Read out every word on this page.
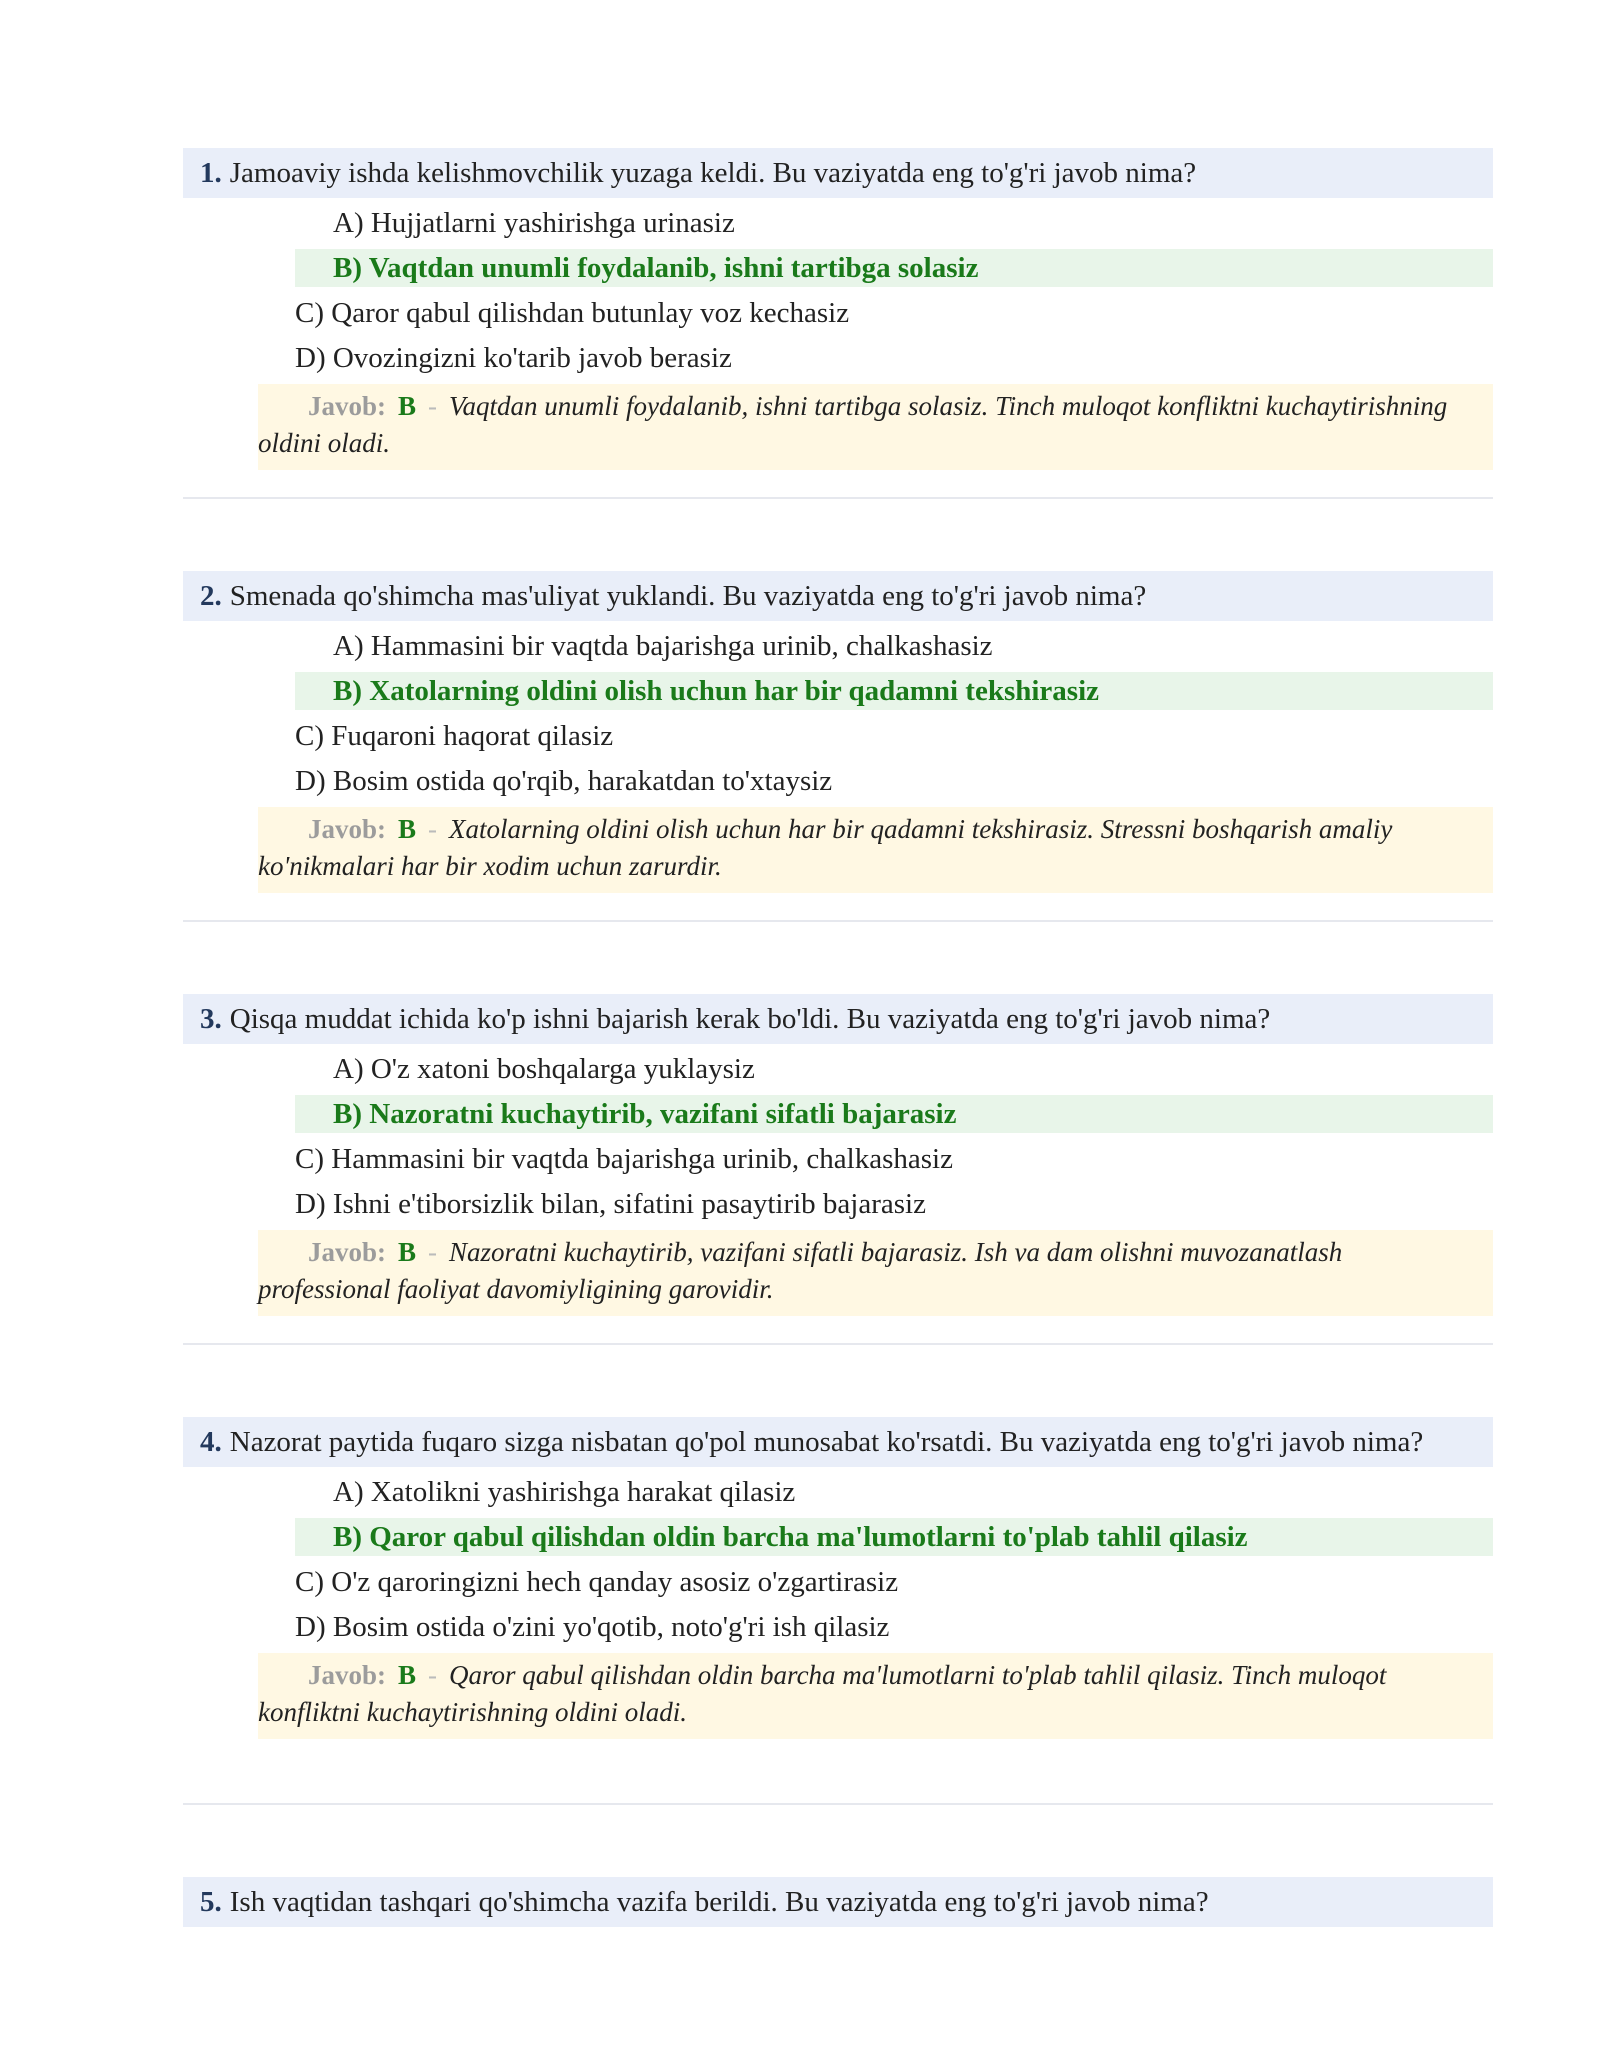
1. Jamoaviy ishda kelishmovchilik yuzaga keldi. Bu vaziyatda eng to'g'ri javob nima?
A) Hujjatlarni yashirishga urinasiz
B) Vaqtdan unumli foydalanib, ishni tartibga solasiz
C) Qaror qabul qilishdan butunlay voz kechasiz
D) Ovozingizni ko'tarib javob berasiz
Javob: B - Vaqtdan unumli foydalanib, ishni tartibga solasiz. Tinch muloqot konfliktni kuchaytirishning oldini oladi.
2. Smenada qo'shimcha mas'uliyat yuklandi. Bu vaziyatda eng to'g'ri javob nima?
A) Hammasini bir vaqtda bajarishga urinib, chalkashasiz
B) Xatolarning oldini olish uchun har bir qadamni tekshirasiz
C) Fuqaroni haqorat qilasiz
D) Bosim ostida qo'rqib, harakatdan to'xtaysiz
Javob: B - Xatolarning oldini olish uchun har bir qadamni tekshirasiz. Stressni boshqarish amaliy ko'nikmalari har bir xodim uchun zarurdir.
3. Qisqa muddat ichida ko'p ishni bajarish kerak bo'ldi. Bu vaziyatda eng to'g'ri javob nima?
A) O'z xatoni boshqalarga yuklaysiz
B) Nazoratni kuchaytirib, vazifani sifatli bajarasiz
C) Hammasini bir vaqtda bajarishga urinib, chalkashasiz
D) Ishni e'tiborsizlik bilan, sifatini pasaytirib bajarasiz
Javob: B - Nazoratni kuchaytirib, vazifani sifatli bajarasiz. Ish va dam olishni muvozanatlash professional faoliyat davomiyligining garovidir.
4. Nazorat paytida fuqaro sizga nisbatan qo'pol munosabat ko'rsatdi. Bu vaziyatda eng to'g'ri javob nima?
A) Xatolikni yashirishga harakat qilasiz
B) Qaror qabul qilishdan oldin barcha ma'lumotlarni to'plab tahlil qilasiz
C) O'z qaroringizni hech qanday asosiz o'zgartirasiz
D) Bosim ostida o'zini yo'qotib, noto'g'ri ish qilasiz
Javob: B - Qaror qabul qilishdan oldin barcha ma'lumotlarni to'plab tahlil qilasiz. Tinch muloqot konfliktni kuchaytirishning oldini oladi.
5. Ish vaqtidan tashqari qo'shimcha vazifa berildi. Bu vaziyatda eng to'g'ri javob nima?
